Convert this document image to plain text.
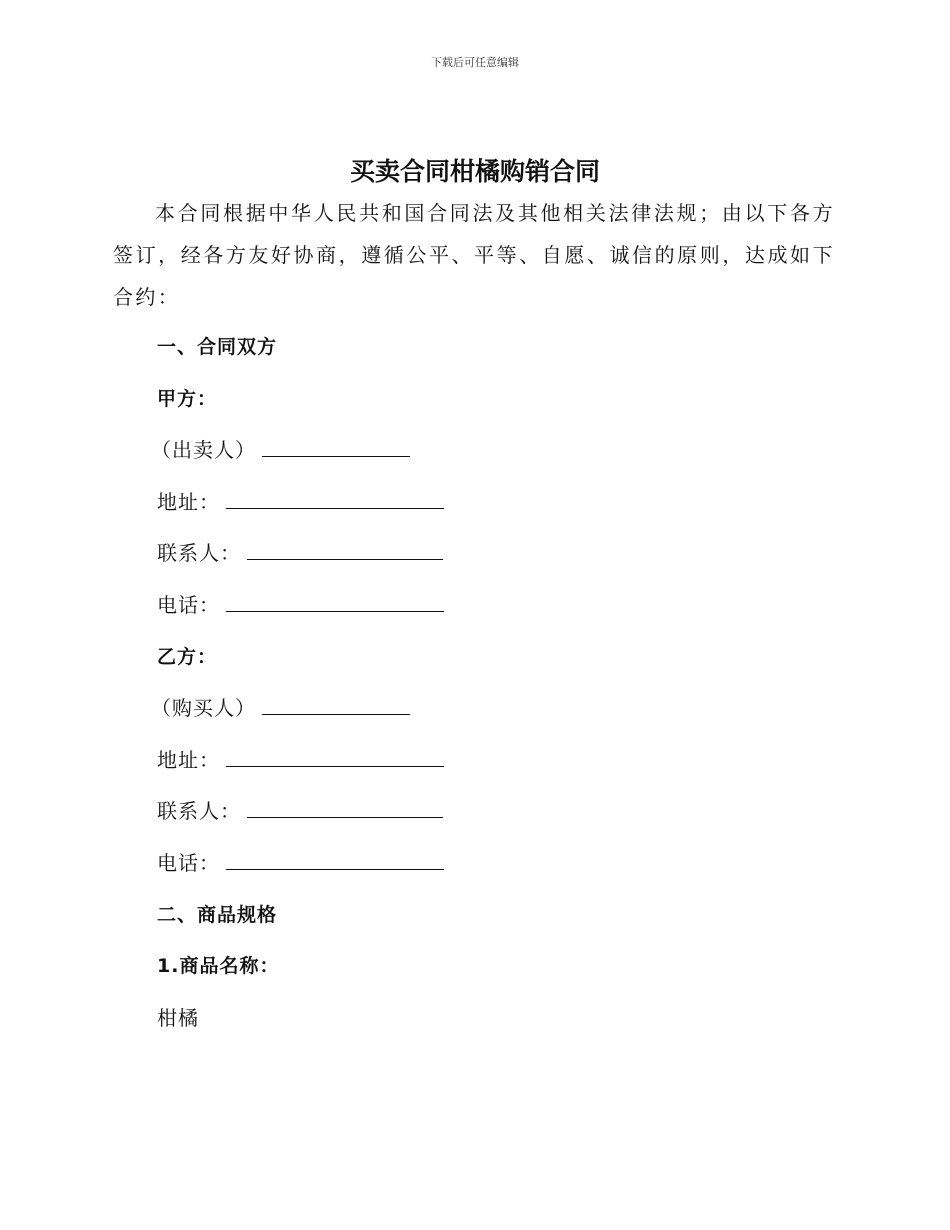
下载后可任意编辑
买卖合同柑橘购销合同

本合同根据中华人民共和国合同法及其他相关法律法规；由以下各方签订，经各方友好协商，遵循公平、平等、自愿、诚信的原则，达成如下合约：

一、合同双方
甲方：
（出卖人）
地址：
联系人：
电话：
乙方：
（购买人）
地址：
联系人：
电话：
二、商品规格
1.商品名称：
柑橘
